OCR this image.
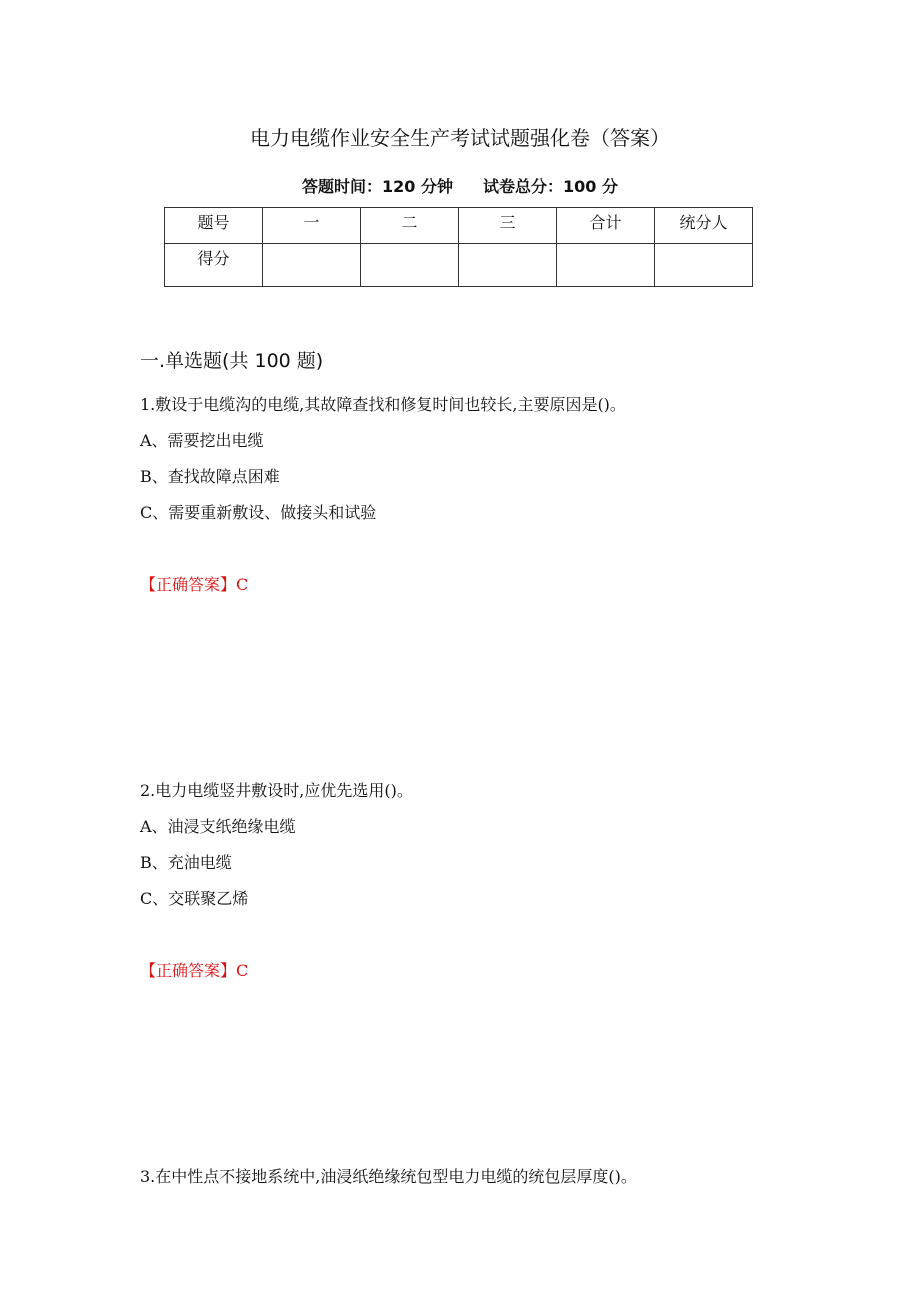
电力电缆作业安全生产考试试题强化卷（答案）
答题时间：120 分钟 试卷总分：100 分
题号	一	二	三	合计	统分人
得分					
一.单选题(共 100 题)
1.敷设于电缆沟的电缆,其故障查找和修复时间也较长,主要原因是()。
A、需要挖出电缆
B、查找故障点困难
C、需要重新敷设、做接头和试验
【正确答案】C
2.电力电缆竖井敷设时,应优先选用()。
A、油浸支纸绝缘电缆
B、充油电缆
C、交联聚乙烯
【正确答案】C
3.在中性点不接地系统中,油浸纸绝缘统包型电力电缆的统包层厚度()。
